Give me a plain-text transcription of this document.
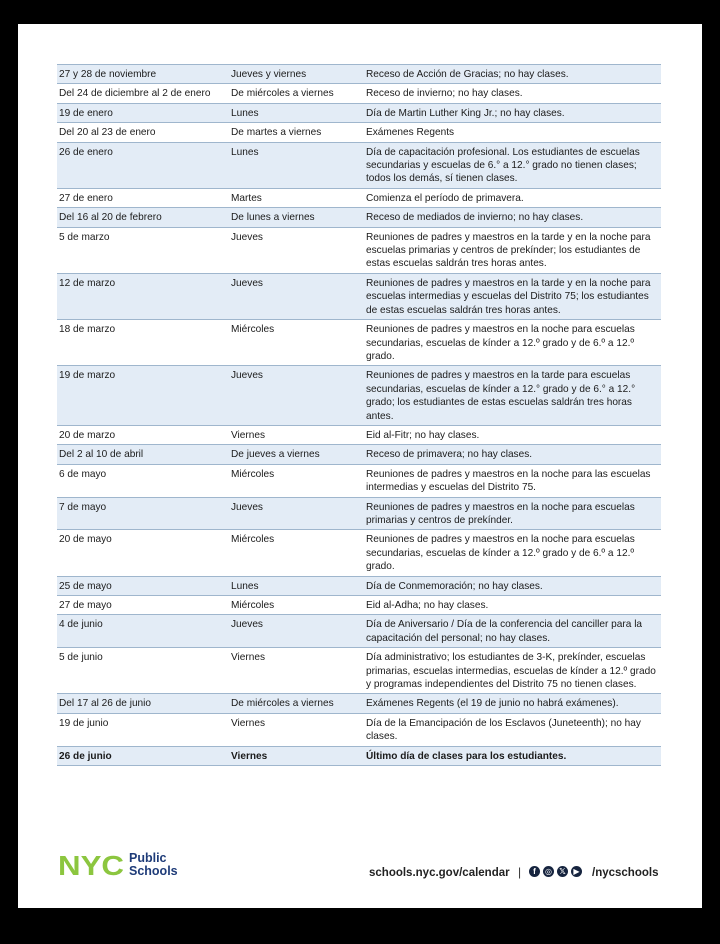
27 y 28 de noviembre	Jueves y viernes	Receso de Acción de Gracias; no hay clases.
Del 24 de diciembre al 2 de enero	De miércoles a viernes	Receso de invierno; no hay clases.
19 de enero	Lunes	Día de Martin Luther King Jr.; no hay clases.
Del 20 al 23 de enero	De martes a viernes	Exámenes Regents
26 de enero	Lunes	Día de capacitación profesional. Los estudiantes de escuelas secundarias y escuelas de 6.° a 12.° grado no tienen clases; todos los demás, sí tienen clases.
27 de enero	Martes	Comienza el período de primavera.
Del 16 al 20 de febrero	De lunes a viernes	Receso de mediados de invierno; no hay clases.
5 de marzo	Jueves	Reuniones de padres y maestros en la tarde y en la noche para escuelas primarias y centros de prekínder; los estudiantes de estas escuelas saldrán tres horas antes.
12 de marzo	Jueves	Reuniones de padres y maestros en la tarde y en la noche para escuelas intermedias y escuelas del Distrito 75; los estudiantes de estas escuelas saldrán tres horas antes.
18 de marzo	Miércoles	Reuniones de padres y maestros en la noche para escuelas secundarias, escuelas de kínder a 12.º grado y de 6.º a 12.º grado.
19 de marzo	Jueves	Reuniones de padres y maestros en la tarde para escuelas secundarias, escuelas de kínder a 12.° grado y de 6.° a 12.° grado; los estudiantes de estas escuelas saldrán tres horas antes.
20 de marzo	Viernes	Eid al-Fitr; no hay clases.
Del 2 al 10 de abril	De jueves a viernes	Receso de primavera; no hay clases.
6 de mayo	Miércoles	Reuniones de padres y maestros en la noche para las escuelas intermedias y escuelas del Distrito 75.
7 de mayo	Jueves	Reuniones de padres y maestros en la noche para escuelas primarias y centros de prekínder.
20 de mayo	Miércoles	Reuniones de padres y maestros en la noche para escuelas secundarias, escuelas de kínder a 12.º grado y de 6.º a 12.º grado.
25 de mayo	Lunes	Día de Conmemoración; no hay clases.
27 de mayo	Miércoles	Eid al-Adha; no hay clases.
4 de junio	Jueves	Día de Aniversario / Día de la conferencia del canciller para la capacitación del personal; no hay clases.
5 de junio	Viernes	Día administrativo; los estudiantes de 3-K, prekínder, escuelas primarias, escuelas intermedias, escuelas de kínder a 12.º grado y programas independientes del Distrito 75 no tienen clases.
Del 17 al 26 de junio	De miércoles a viernes	Exámenes Regents (el 19 de junio no habrá exámenes).
19 de junio	Viernes	Día de la Emancipación de los Esclavos (Juneteenth); no hay clases.
26 de junio	Viernes	Último día de clases para los estudiantes.
NYC Public
Schools	schools.nyc.gov/calendar |	f	◎ 𝕏 ▶ /nycschools
